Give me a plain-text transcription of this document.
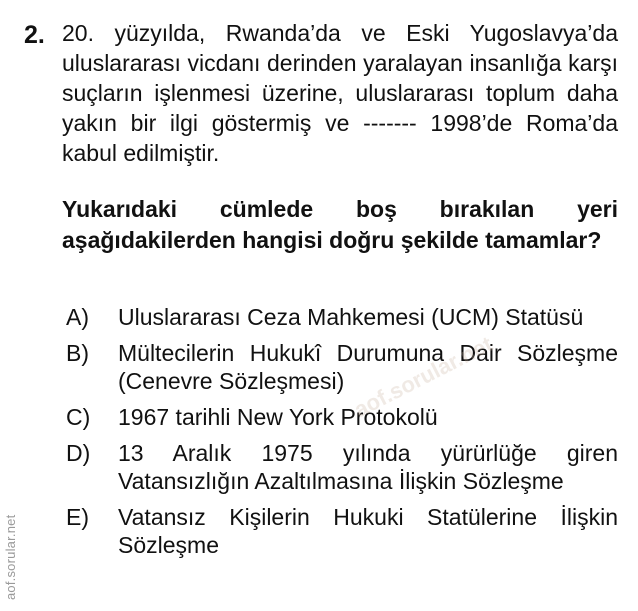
2. 20. yüzyılda, Rwanda’da ve Eski Yugoslavya’da uluslararası vicdanı derinden yaralayan insanlığa karşı suçların işlenmesi üzerine, uluslararası toplum daha yakın bir ilgi göstermiş ve ------- 1998’de Roma’da kabul edilmiştir.
Yukarıdaki cümlede boş bırakılan yeri aşağıdakilerden hangisi doğru şekilde tamamlar?
A)	Uluslararası Ceza Mahkemesi (UCM) Statüsü
B)	Mültecilerin Hukukî Durumuna Dair Sözleşme (Cenevre Sözleşmesi)
C)	1967 tarihli New York Protokolü
D)	13 Aralık 1975 yılında yürürlüğe giren Vatansızlığın Azaltılmasına İlişkin Sözleşme
E)	Vatansız Kişilerin Hukuki Statülerine İlişkin Sözleşme
aof.sorular.net
aof.sorular.net
